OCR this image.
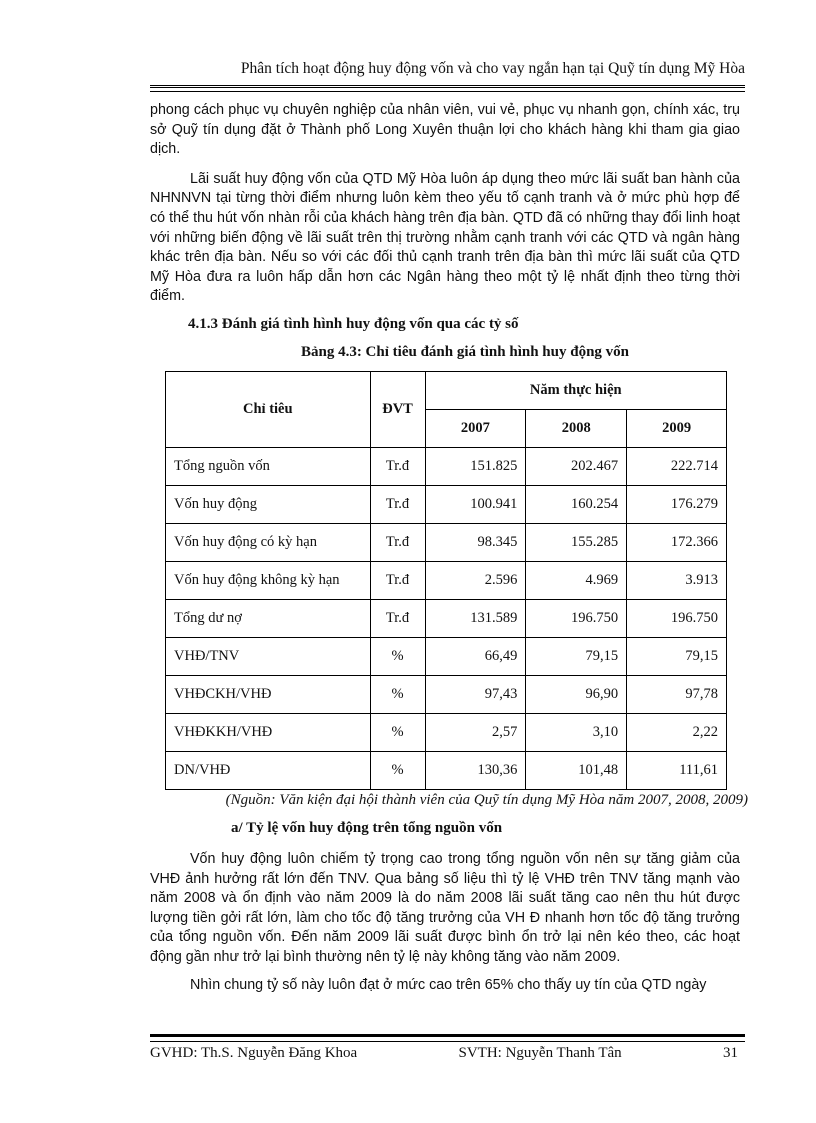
Phân tích hoạt động huy động vốn và cho vay ngắn hạn tại Quỹ tín dụng Mỹ Hòa

phong cách phục vụ chuyên nghiệp của nhân viên, vui vẻ, phục vụ nhanh gọn, chính xác, trụ sở Quỹ tín dụng đặt ở Thành phố Long Xuyên thuận lợi cho khách hàng khi tham gia giao dịch.

Lãi suất huy động vốn của QTD Mỹ Hòa luôn áp dụng theo mức lãi suất ban hành của NHNNVN tại từng thời điểm nhưng luôn kèm theo yếu tố cạnh tranh và ở mức phù hợp để có thể thu hút vốn nhàn rỗi của khách hàng trên địa bàn. QTD đã có những thay đổi linh hoạt với những biến động về lãi suất trên thị trường nhằm cạnh tranh với các QTD và ngân hàng khác trên địa bàn. Nếu so với các đối thủ cạnh tranh trên địa bàn thì mức lãi suất của QTD Mỹ Hòa đưa ra luôn hấp dẫn hơn các Ngân hàng theo một tỷ lệ nhất định theo từng thời điểm.

4.1.3 Đánh giá tình hình huy động vốn qua các tỷ số
Bảng 4.3: Chỉ tiêu đánh giá tình hình huy động vốn
Chỉ tiêu	ĐVT	Năm thực hiện		
		2007	2008	2009
Tổng nguồn vốn	Tr.đ	151.825	202.467	222.714
Vốn huy động	Tr.đ	100.941	160.254	176.279
Vốn huy động có kỳ hạn	Tr.đ	98.345	155.285	172.366
Vốn huy động không kỳ hạn	Tr.đ	2.596	4.969	3.913
Tổng dư nợ	Tr.đ	131.589	196.750	196.750
VHĐ/TNV	%	66,49	79,15	79,15
VHĐCKH/VHĐ	%	97,43	96,90	97,78
VHĐKKH/VHĐ	%	2,57	3,10	2,22
DN/VHĐ	%	130,36	101,48	111,61
(Nguồn: Văn kiện đại hội thành viên của Quỹ tín dụng Mỹ Hòa năm 2007, 2008, 2009)
a/ Tỷ lệ vốn huy động trên tổng nguồn vốn

Vốn huy động luôn chiếm tỷ trọng cao trong tổng nguồn vốn nên sự tăng giảm của VHĐ ảnh hưởng rất lớn đến TNV. Qua bảng số liệu thì tỷ lệ VHĐ trên TNV tăng mạnh vào năm 2008 và ổn định vào năm 2009 là do năm 2008 lãi suất tăng cao nên thu hút được lượng tiền gởi rất lớn, làm cho tốc độ tăng trưởng của VH Đ nhanh hơn tốc độ tăng trưởng của tổng nguồn vốn. Đến năm 2009 lãi suất được bình ổn trở lại nên kéo theo, các hoạt động gần như trở lại bình thường nên tỷ lệ này không tăng vào năm 2009.

Nhìn chung tỷ số này luôn đạt ở mức cao trên 65% cho thấy uy tín của QTD ngày

GVHD: Th.S. Nguyễn Đăng Khoa	SVTH: Nguyễn Thanh Tân	31
